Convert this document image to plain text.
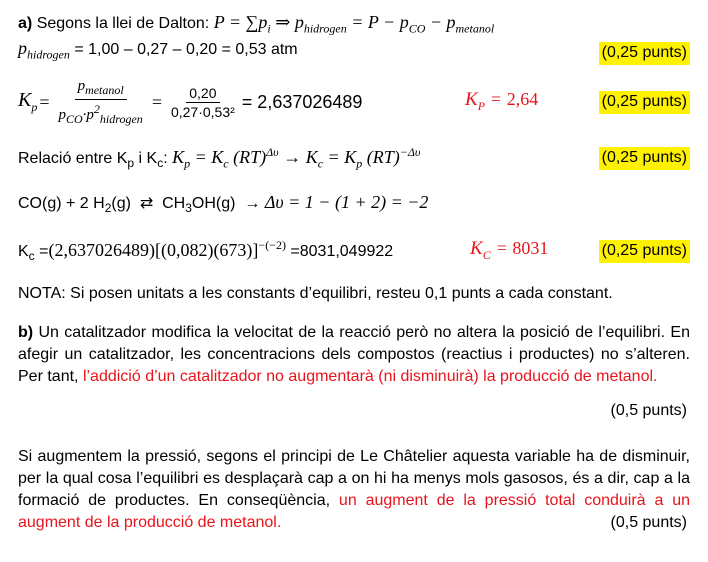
a) Segons la llei de Dalton: $P = \sum p_i$ ⇒ $p_{hidrogen} = P - p_{CO} - p_{metanol}$
$p_{hidrogen} = 1,00 - 0,27 - 0,20 = 0,53$ atm	(0,25 punts)
$K_p = \frac{p_{metanol}}{p_{CO}\cdot p^2_{hidrogen}} = \frac{0,20}{\text{0,27·0,53²}} = 2,637026489$	$K_P = 2,64$	(0,25 punts)
Relació entre $K_p$ i $K_c$: $K_p = K_c$ $(RT)^{\Delta\upsilon} \to K_c = K_p$ (RT)$^{-\Delta\upsilon}$	(0,25 punts)
CO(g) + 2 $H_2(g)$  ⇄  $CH_3OH(g) \to \Delta\upsilon = 1 - (1 + 2) = -2$
$K_c =(2,637026489)[(0,082)(673)]^{-(-2)} =8031,049922$	$K_C = 8031$	(0,25 punts)
NOTA: Si posen unitats a les constants d’equilibri, resteu 0,1 punts a cada constant.
b) Un catalitzador modifica la velocitat de la reacció però no altera la posició de l’equilibri. En afegir un catalitzador, les concentracions dels compostos (reactius i productes) no s’alteren. Per tant, l’addició d’un catalitzador no augmentarà (ni disminuirà) la producció de metanol.
(0,5 punts)
Si augmentem la pressió, segons el principi de Le Châtelier aquesta variable ha de disminuir, per la qual cosa l’equilibri es desplaçarà cap a on hi ha menys mols gasosos, és a dir, cap a la formació de productes. En conseqüència, un augment de la pressió total conduirà a un augment de la producció de metanol.	(0,5 punts)
